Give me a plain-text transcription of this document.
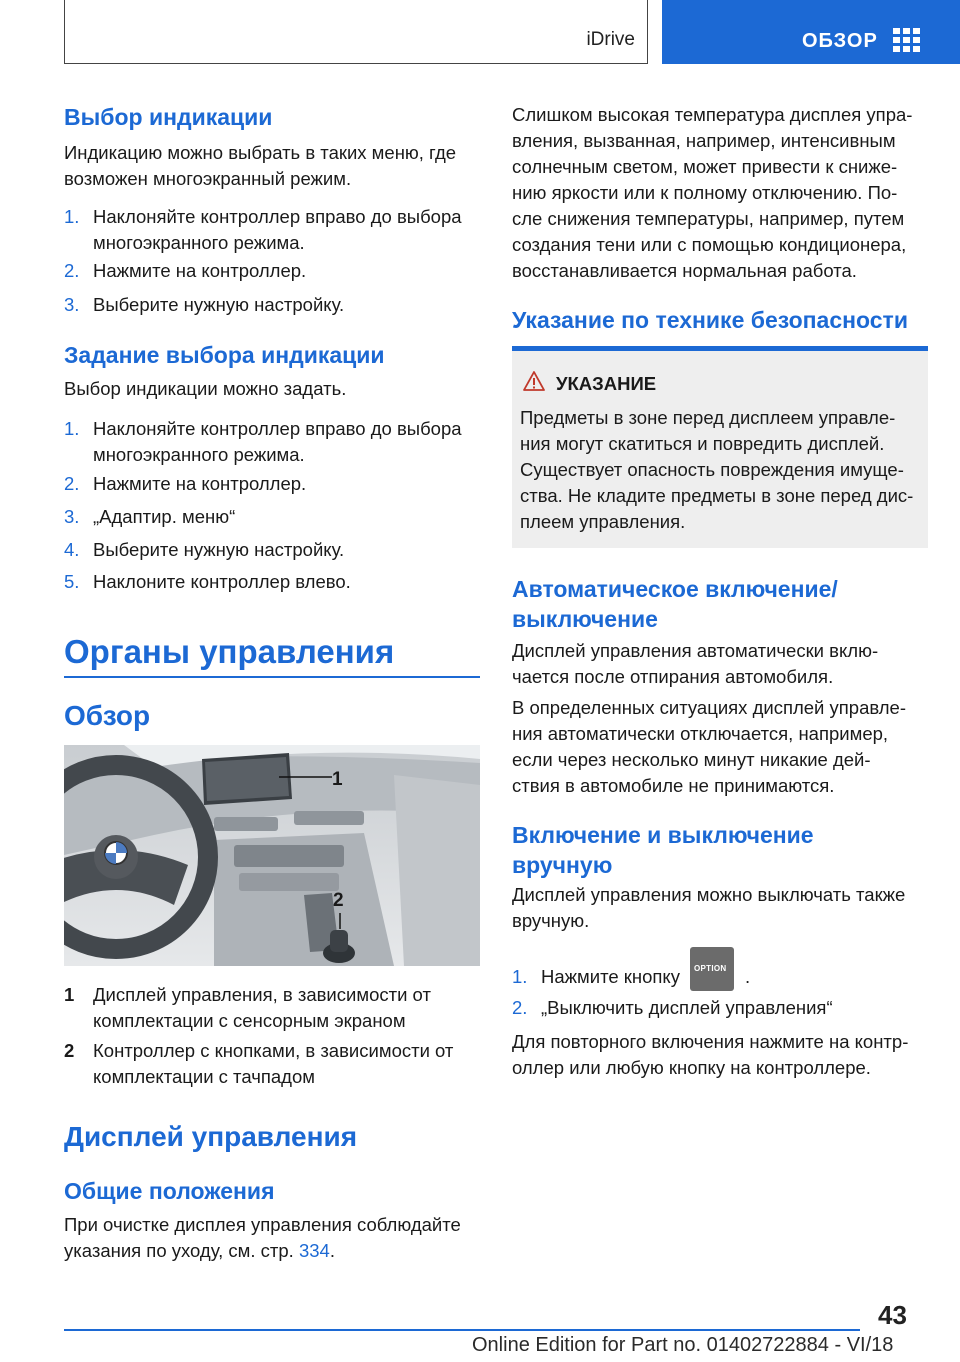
iDrive	ОБЗОР
Выбор индикации
Индикацию можно выбрать в таких меню, где
возможен многоэкранный режим.
1. Наклоняйте контроллер вправо до выбора
многоэкранного режима.
2. Нажмите на контроллер.
3. Выберите нужную настройку.
Задание выбора индикации
Выбор индикации можно задать.
1. Наклоняйте контроллер вправо до выбора
многоэкранного режима.
2. Нажмите на контроллер.
3. „Адаптир. меню“
4. Выберите нужную настройку.
5. Наклоните контроллер влево.
Органы управления
Обзор
1
2
1 Дисплей управления, в зависимости от
комплектации с сенсорным экраном
2 Контроллер с кнопками, в зависимости от
комплектации с тачпадом
Дисплей управления
Общие положения
При очистке дисплея управления соблюдайте
указания по уходу, см. стр. 334.
Слишком высокая температура дисплея упра-
вления, вызванная, например, интенсивным
солнечным светом, может привести к сниже-
нию яркости или к полному отключению. По-
сле снижения температуры, например, путем
создания тени или с помощью кондиционера,
восстанавливается нормальная работа.
Указание по технике безопасности
УКАЗАНИЕ
Предметы в зоне перед дисплеем управле-
ния могут скатиться и повредить дисплей.
Существует опасность повреждения имуще-
ства. Не кладите предметы в зоне перед дис-
плеем управления.
Автоматическое включение/
выключение
Дисплей управления автоматически вклю-
чается после отпирания автомобиля.
В определенных ситуациях дисплей управле-
ния автоматически отключается, например,
если через несколько минут никакие дей-
ствия в автомобиле не принимаются.
Включение и выключение
вручную
Дисплей управления можно выключать также
вручную.
1. Нажмите кнопку	.
OPTION
2. „Выключить дисплей управления“
Для повторного включения нажмите на контр-
оллер или любую кнопку на контроллере.
43
Online Edition for Part no. 01402722884 - VI/18
